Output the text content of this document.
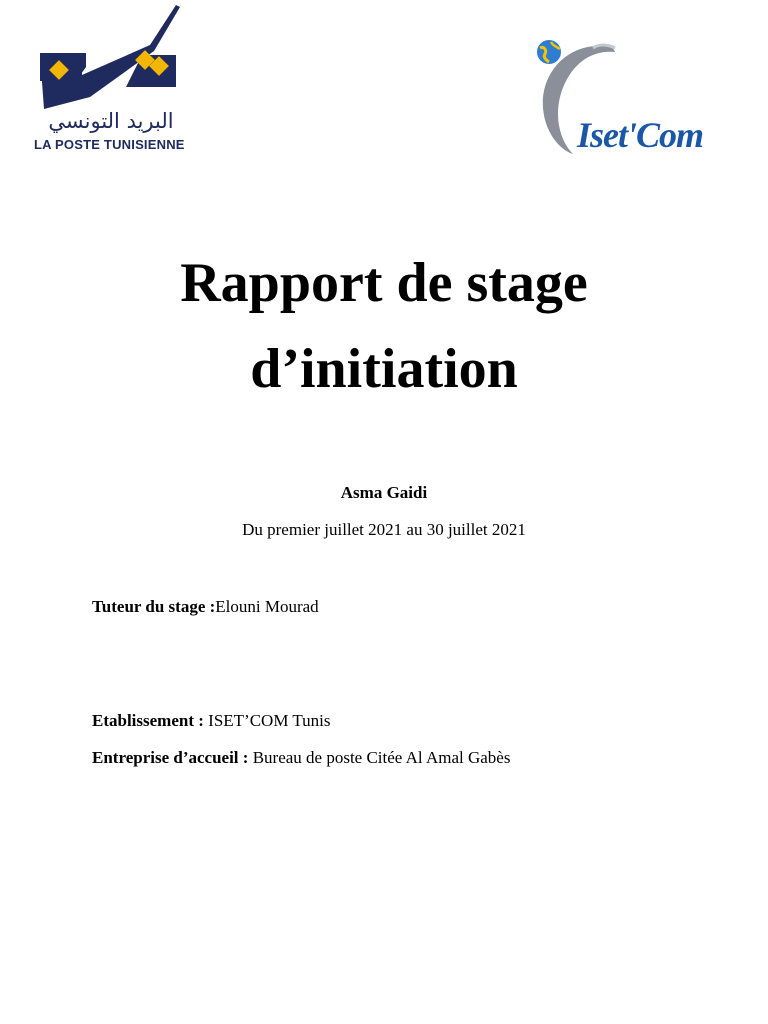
البريد التونسي
LA POSTE TUNISIENNE	Iset'Com
Rapport de stage
d’initiation
Asma Gaidi
Du premier juillet 2021 au 30 juillet 2021
Tuteur du stage :Elouni Mourad
Etablissement : ISET’COM Tunis
Entreprise d’accueil : Bureau de poste Citée Al Amal Gabès
